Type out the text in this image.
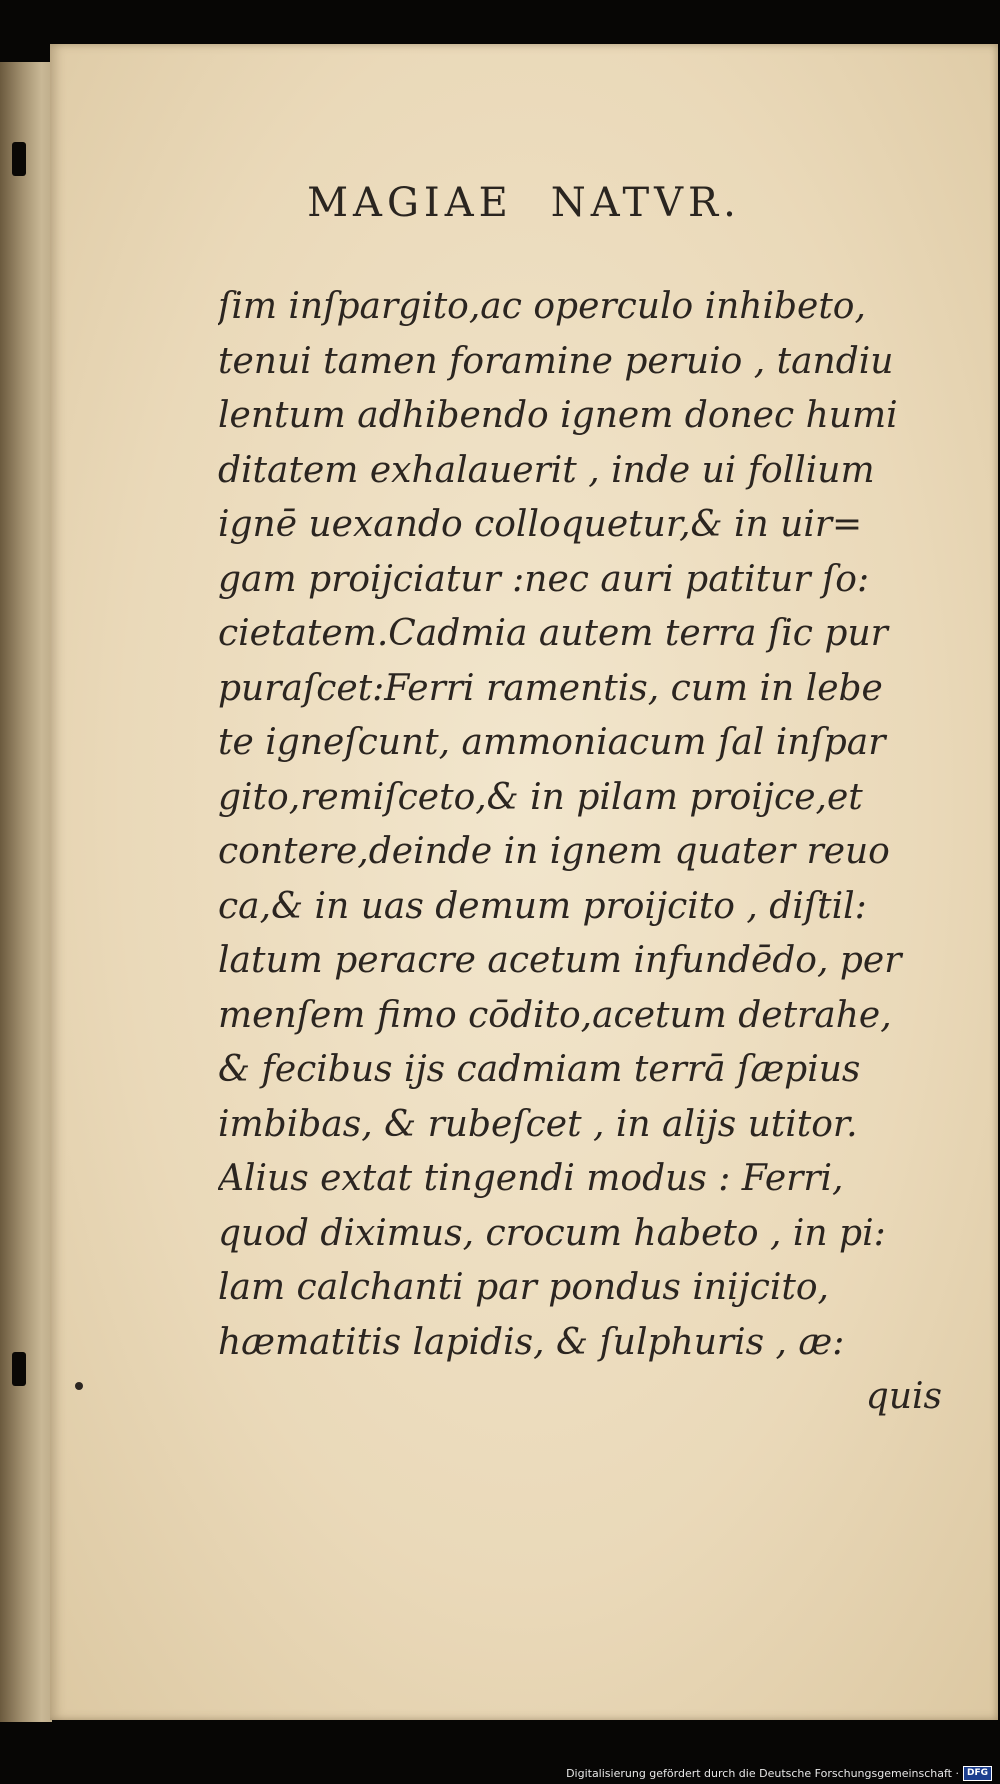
MAGIAE NATVR.
ſim inſpargito,ac operculo inhibeto,
tenui tamen foramine peruio , tandiu
lentum adhibendo ignem donec humi
ditatem exhalauerit , inde ui follium
ignē uexando colloquetur,& in uir=
gam proijciatur :nec auri patitur ſo:
cietatem.Cadmia autem terra ſic pur
puraſcet:Ferri ramentis, cum in lebe
te igneſcunt, ammoniacum ſal inſpar
gito,remiſceto,& in pilam proijce,et
contere,deinde in ignem quater reuo
ca,& in uas demum proijcito , diſtil:
latum peracre acetum infundēdo, per
menſem fimo cōdito,acetum detrahe,
& fecibus ijs cadmiam terrā ſæpius
imbibas, & rubeſcet , in alijs utitor.
Alius extat tingendi modus : Ferri,
quod diximus, crocum habeto , in pi:
lam calchanti par pondus inijcito,
hæmatitis lapidis, & ſulphuris , æ:
quis
Digitalisierung gefördert durch die Deutsche Forschungsgemeinschaft · DFG
